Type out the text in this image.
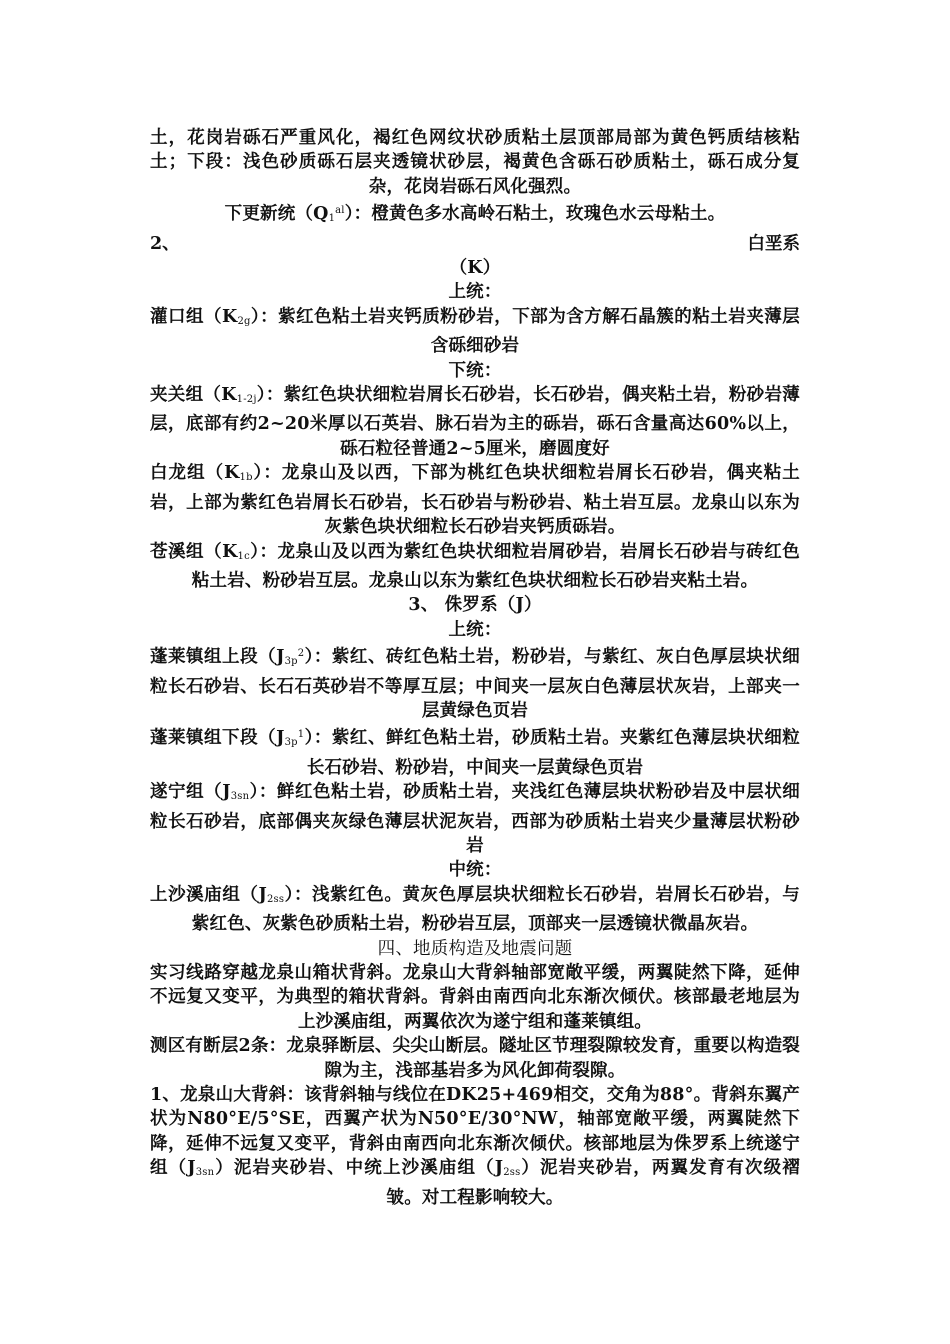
土，花岗岩砾石严重风化，褐红色网纹状砂质粘土层顶部局部为黄色钙质结核粘土；下段：浅色砂质砾石层夹透镜状砂层，褐黄色含砾石砂质粘土，砾石成分复杂，花岗岩砾石风化强烈。

下更新统$(Q_1^{al})$：橙黄色多水高岭石粘土，玫瑰色水云母粘土。

2、	白垩系

（K）

上统：

灌口组$(K_{2g})$：紫红色粘土岩夹钙质粉砂岩，下部为含方解石晶簇的粘土岩夹薄层含砾细砂岩

下统：

夹关组$(K_{1-2j})$：紫红色块状细粒岩屑长石砂岩，长石砂岩，偶夹粘土岩，粉砂岩薄层，底部有约2~20米厚以石英岩、脉石岩为主的砾岩，砾石含量高达60%以上，砾石粒径普通2~5厘米，磨圆度好

白龙组$(K_{1b})$：龙泉山及以西，下部为桃红色块状细粒岩屑长石砂岩，偶夹粘土岩，上部为紫红色岩屑长石砂岩，长石砂岩与粉砂岩、粘土岩互层。龙泉山以东为灰紫色块状细粒长石砂岩夹钙质砾岩。

苍溪组$(K_{1c})$：龙泉山及以西为紫红色块状细粒岩屑砂岩，岩屑长石砂岩与砖红色粘土岩、粉砂岩互层。龙泉山以东为紫红色块状细粒长石砂岩夹粘土岩。

3、 侏罗系（J）

上统：

蓬莱镇组上段$(J_{3p}^2)$：紫红、砖红色粘土岩，粉砂岩，与紫红、灰白色厚层块状细粒长石砂岩、长石石英砂岩不等厚互层；中间夹一层灰白色薄层状灰岩，上部夹一层黄绿色页岩

蓬莱镇组下段$(J_{3p}^1)$：紫红、鲜红色粘土岩，砂质粘土岩。夹紫红色薄层块状细粒长石砂岩、粉砂岩，中间夹一层黄绿色页岩

遂宁组$(J_{3sn})$：鲜红色粘土岩，砂质粘土岩，夹浅红色薄层块状粉砂岩及中层状细粒长石砂岩，底部偶夹灰绿色薄层状泥灰岩，西部为砂质粘土岩夹少量薄层状粉砂岩

中统：

上沙溪庙组$(J_{2ss})$：浅紫红色。黄灰色厚层块状细粒长石砂岩，岩屑长石砂岩，与紫红色、灰紫色砂质粘土岩，粉砂岩互层，顶部夹一层透镜状微晶灰岩。

四、地质构造及地震问题

实习线路穿越龙泉山箱状背斜。龙泉山大背斜轴部宽敞平缓，两翼陡然下降，延伸不远复又变平，为典型的箱状背斜。背斜由南西向北东渐次倾伏。核部最老地层为上沙溪庙组，两翼依次为遂宁组和蓬莱镇组。

测区有断层2条：龙泉驿断层、尖尖山断层。隧址区节理裂隙较发育，重要以构造裂隙为主，浅部基岩多为风化卸荷裂隙。

1、龙泉山大背斜：该背斜轴与线位在DK25+469相交，交角为88°。背斜东翼产状为N80°E/5°SE，西翼产状为N50°E/30°NW，轴部宽敞平缓，两翼陡然下降，延伸不远复又变平，背斜由南西向北东渐次倾伏。核部地层为侏罗系上统遂宁组$(J_{3sn})$泥岩夹砂岩、中统上沙溪庙组$(J_{2ss})$泥岩夹砂岩，两翼发育有次级褶皱。对工程影响较大。
